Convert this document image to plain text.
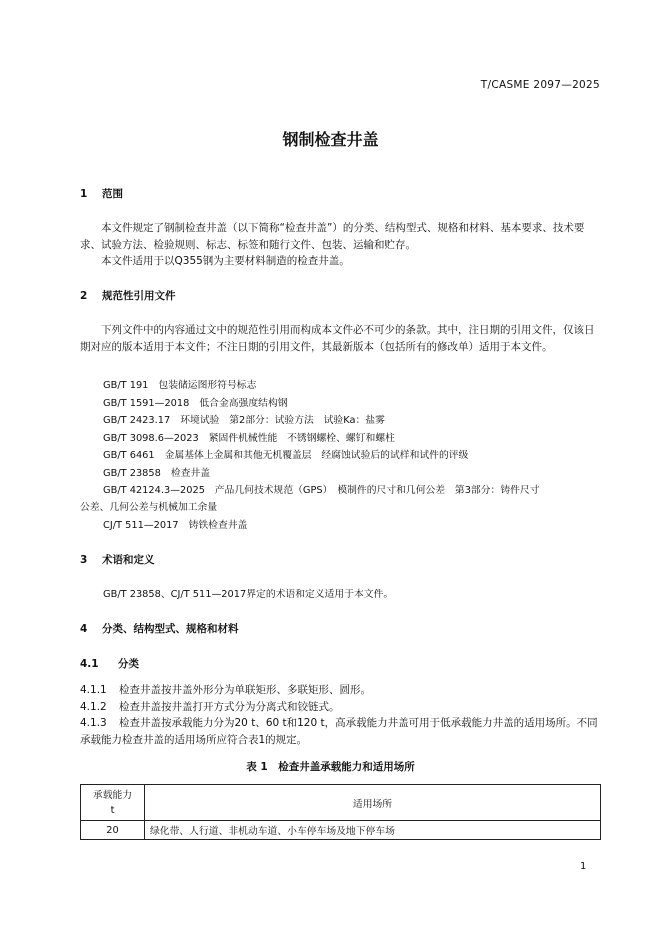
T/CASME 2097—2025
钢制检查井盖
1 范围
本文件规定了钢制检查井盖（以下简称“检查井盖”）的分类、结构型式、规格和材料、基本要求、技术要求、试验方法、检验规则、标志、标签和随行文件、包装、运输和贮存。
本文件适用于以Q355钢为主要材料制造的检查井盖。
2 规范性引用文件
下列文件中的内容通过文中的规范性引用而构成本文件必不可少的条款。其中，注日期的引用文件，仅该日期对应的版本适用于本文件；不注日期的引用文件，其最新版本（包括所有的修改单）适用于本文件。
GB/T 191 包装储运图形符号标志
GB/T 1591—2018 低合金高强度结构钢
GB/T 2423.17 环境试验　第2部分：试验方法　试验Ka：盐雾
GB/T 3098.6—2023 紧固件机械性能　不锈钢螺栓、螺钉和螺柱
GB/T 6461 金属基体上金属和其他无机覆盖层　经腐蚀试验后的试样和试件的评级
GB/T 23858 检查井盖
GB/T 42124.3—2025　产品几何技术规范（GPS）　模制件的尺寸和几何公差　第3部分：铸件尺寸
公差、几何公差与机械加工余量
CJ/T 511—2017 铸铁检查井盖
3 术语和定义
GB/T 23858、CJ/T 511—2017界定的术语和定义适用于本文件。
4 分类、结构型式、规格和材料
4.1 分类
4.1.1 检查井盖按井盖外形分为单联矩形、多联矩形、圆形。
4.1.2 检查井盖按井盖打开方式分为分离式和铰链式。
4.1.3 检查井盖按承载能力分为20 t、60 t和120 t，高承载能力井盖可用于低承载能力井盖的适用场所。不同承载能力检查井盖的适用场所应符合表1的规定。
表 1　检查井盖承载能力和适用场所
承载能力
t	适用场所
20	绿化带、人行道、非机动车道、小车停车场及地下停车场
1
